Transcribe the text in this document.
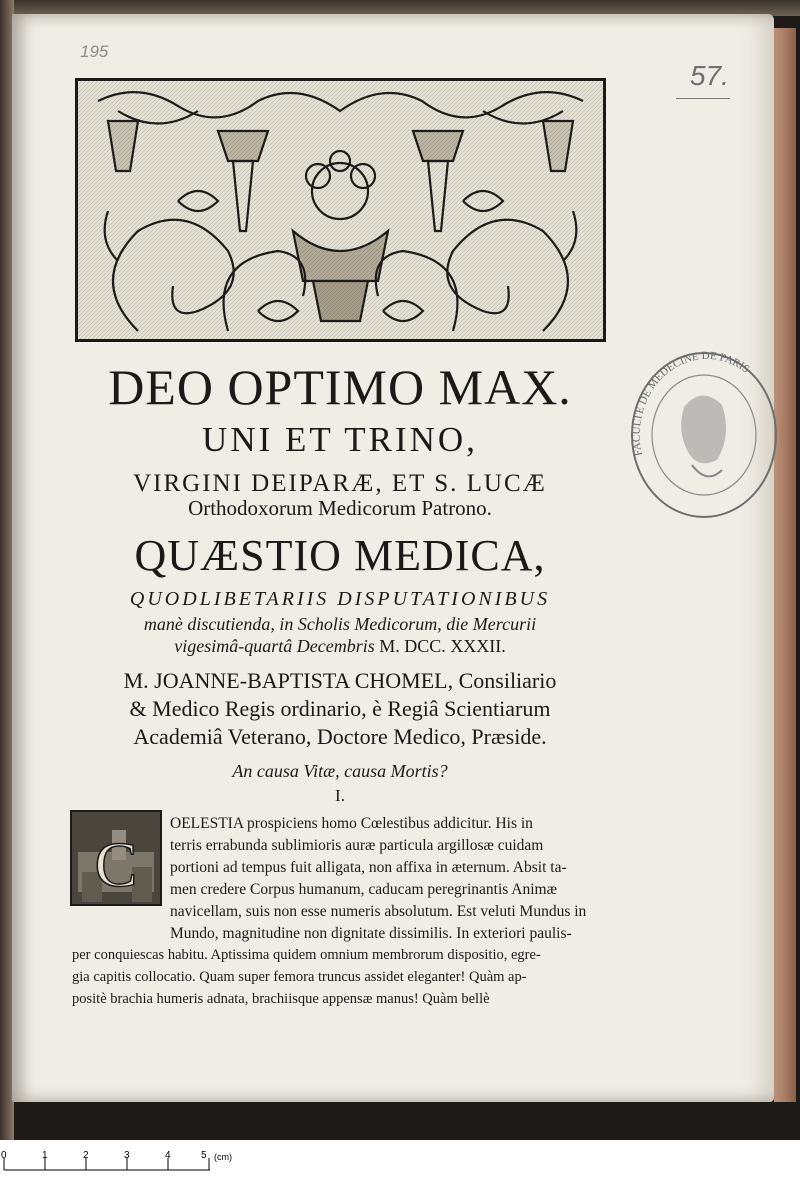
195
57.
DEO OPTIMO MAX.
UNI ET TRINO,
VIRGINI DEIPARÆ, ET S. LUCÆ
Orthodoxorum Medicorum Patrono.
QUÆSTIO MEDICA,
QUODLIBETARIIS DISPUTATIONIBUS
manè discutienda, in Scholis Medicorum, die Mercurii
vigesimâ-quartâ Decembris M. DCC. XXXII.
M. JOANNE-BAPTISTA CHOMEL, Consiliario
& Medico Regis ordinario, è Regiâ Scientiarum
Academiâ Veterano, Doctore Medico, Præside.
An causa Vitæ, causa Mortis?
I.
C
OELESTIA prospiciens homo Cœlestibus addicitur. His in
terris errabunda sublimioris auræ particula argillosæ cuidam
portioni ad tempus fuit alligata, non affixa in æternum. Absit ta-
men credere Corpus humanum, caducam peregrinantis Animæ
navicellam, suis non esse numeris absolutum. Est veluti Mundus in
Mundo, magnitudine non dignitate dissimilis. In exteriori paulis-
per conquiescas habitu. Aptissima quidem omnium membrorum dispositio, egre-
gia capitis collocatio. Quam super femora truncus assidet eleganter! Quàm ap-
positè brachia humeris adnata, brachiisque appensæ manus! Quàm bellè
FACULTE DE MEDECINE DE PARIS
0	1	2	3	4	5 (cm)
